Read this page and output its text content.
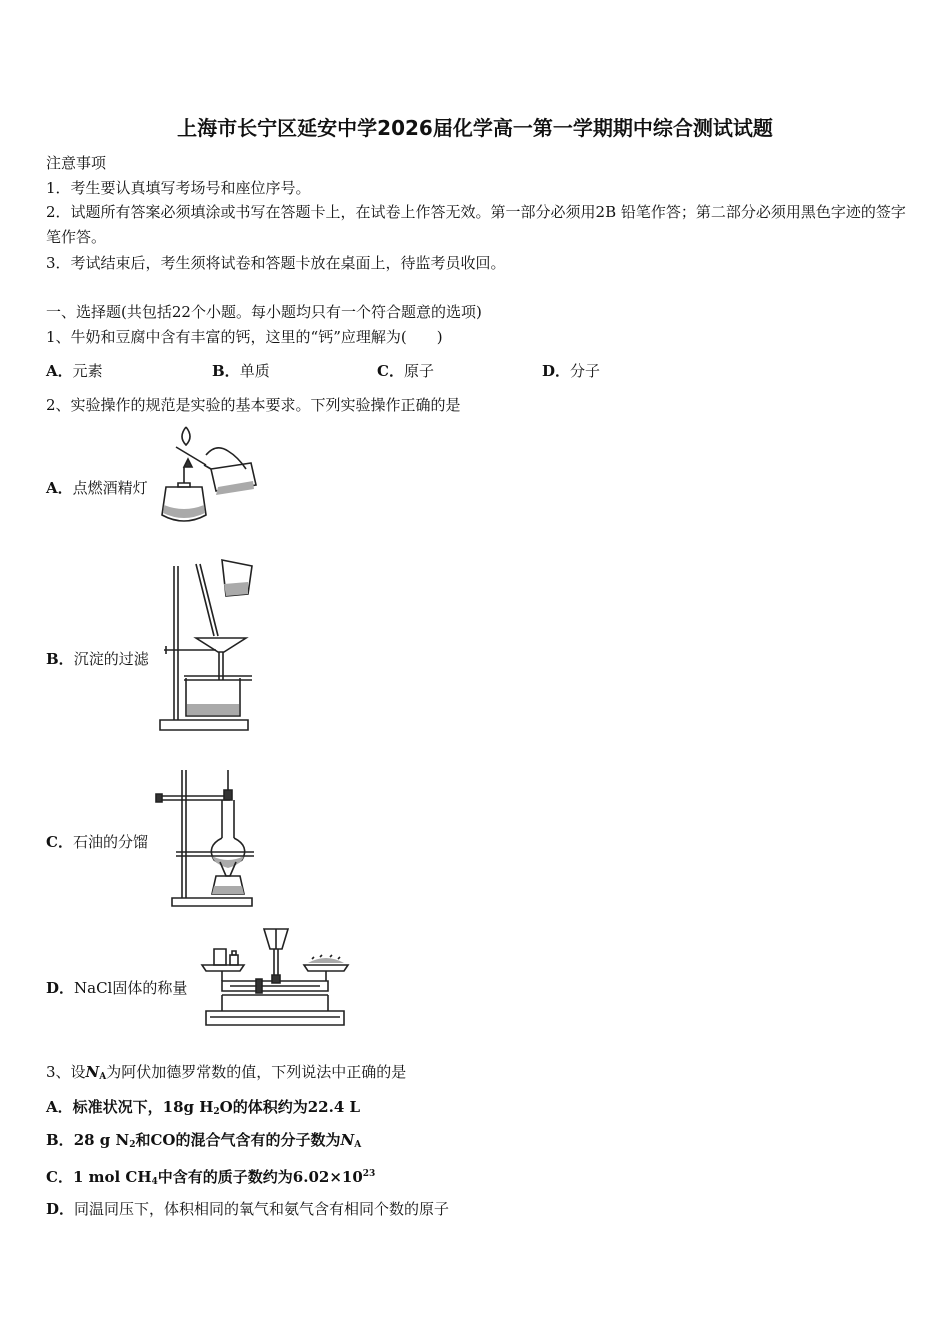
上海市长宁区延安中学2026届化学高一第一学期期中综合测试试题
注意事项
1．考生要认真填写考场号和座位序号。
2．试题所有答案必须填涂或书写在答题卡上，在试卷上作答无效。第一部分必须用2B 铅笔作答；第二部分必须用黑色字迹的签字笔作答。
3．考试结束后，考生须将试卷和答题卡放在桌面上，待监考员收回。
一、选择题(共包括22个小题。每小题均只有一个符合题意的选项)
1、牛奶和豆腐中含有丰富的钙，这里的“钙”应理解为(　　)
A．元素	B．单质	C．原子	D．分子
2、实验操作的规范是实验的基本要求。下列实验操作正确的是
A．点燃酒精灯
B．沉淀的过滤
C．石油的分馏
D．NaCl固体的称量
3、设$N_A$为阿伏加德罗常数的值，下列说法中正确的是
A．标准状况下，18g $H_2O$的体积约为22.4 L
B．28 g $N_2$和CO的混合气含有的分子数为$N_A$
C．1 mol $CH_4$中含有的质子数约为$6.02\times 10^{23}$
D．同温同压下，体积相同的氧气和氨气含有相同个数的原子
